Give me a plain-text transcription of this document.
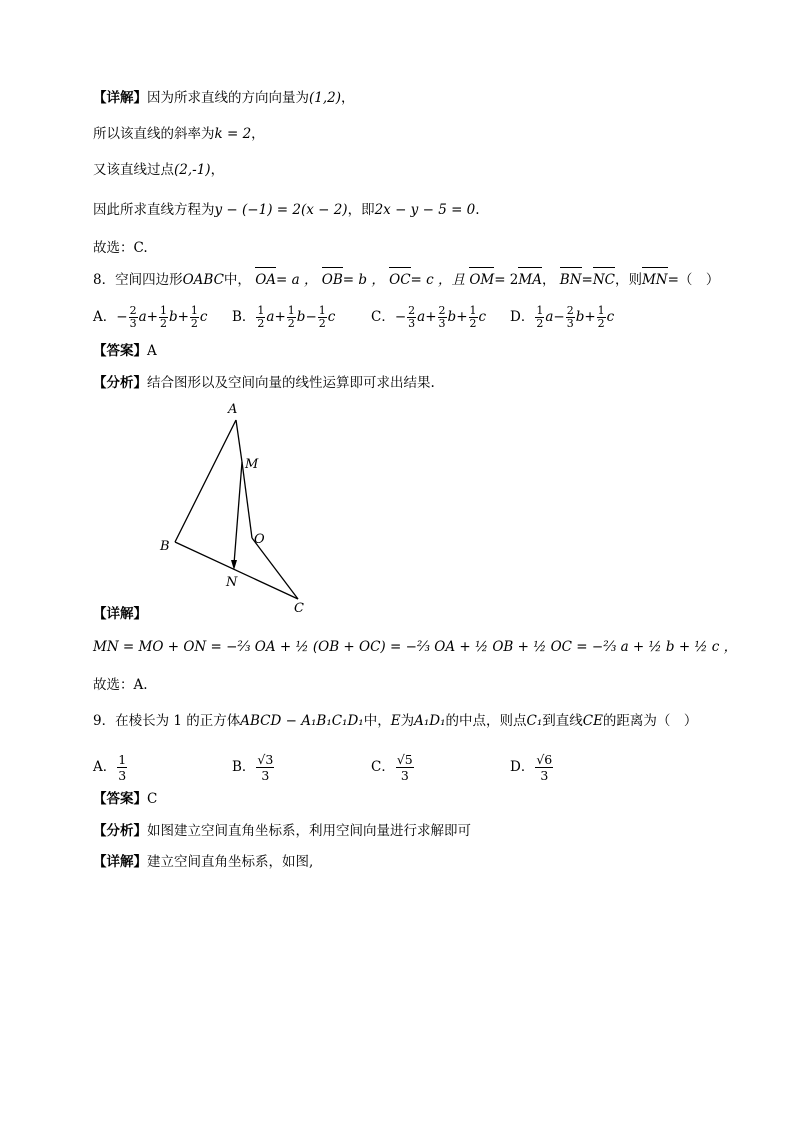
【详解】因为所求直线的方向向量为(1,2)，
所以该直线的斜率为k = 2，
又该直线过点(2,-1)，
因此所求直线方程为y − (−1) = 2(x − 2)，即2x − y − 5 = 0.
故选：C.
8．空间四边形OABC中， OA= a ， OB= b ， OC= c ，且 OM= 2MA， BN=NC，则MN=（　）
A．− $\frac{2}{3} a+ \frac{1}{2} b+ \frac{1}{2}$ c B． $\frac{1}{2} a+ \frac{1}{2} b- \frac{1}{2}$ c	C．− $\frac{2}{3} a+ \frac{2}{3} b+ \frac{1}{2}$ c D． $\frac{1}{2} a- \frac{2}{3} b+ \frac{1}{2}$ c
【答案】A
【分析】结合图形以及空间向量的线性运算即可求出结果.
A
M
B	O
N
C
【详解】
MN = MO + ON = −⅔ OA + ½ (OB + OC) = −⅔ OA + ½ OB + ½ OC = −⅔ a + ½ b + ½ c ，
故选：A.
9．在棱长为 1 的正方体ABCD − A₁B₁C₁D₁中，E为A₁D₁的中点，则点C₁到直线CE的距离为（　）
A． $\frac{1}{3}$	B． $\frac{√3}{3}$	C． $\frac{√5}{3}$	D． $\frac{√6}{3}$
【答案】C
【分析】如图建立空间直角坐标系，利用空间向量进行求解即可
【详解】建立空间直角坐标系，如图,
